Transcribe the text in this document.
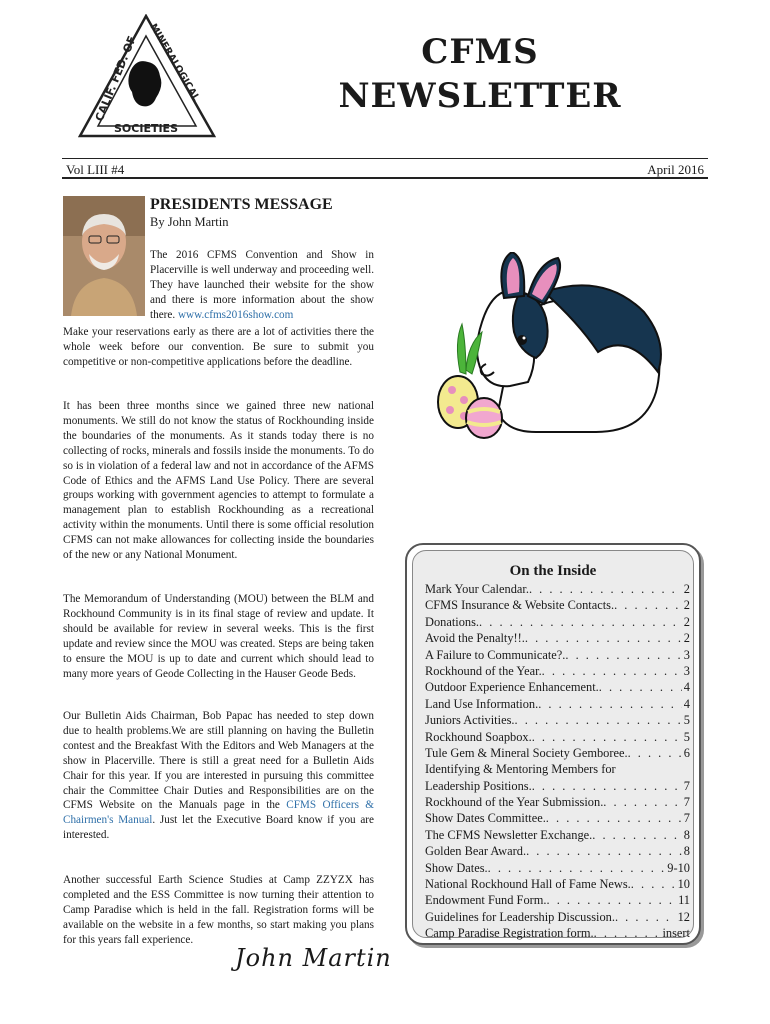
CALIF. FED. OF
MINERALOGICAL
SOCIETIES
CFMS
NEWSLETTER
Vol LIII #4	April 2016
PRESIDENTS MESSAGE
By John Martin
The 2016 CFMS Convention and Show in Placerville is well underway and proceeding well. They have launched their website for the show and there is more information about the show there. www.cfms2016show.com
Make your reservations early as there are a lot of activities there the whole week before our convention. Be sure to submit you competitive or non-competitive applications before the deadline.
It has been three months since we gained three new national monuments. We still do not know the status of Rockhounding inside the boundaries of the monuments. As it stands today there is no collecting of rocks, minerals and fossils inside the monuments. To do so is in violation of a federal law and not in accordance of the AFMS Code of Ethics and the AFMS Land Use Policy. There are several groups working with government agencies to attempt to formulate a management plan to establish Rockhounding as a recreational activity within the monuments. Until there is some official resolution CFMS can not make allowances for collecting inside the boundaries of the new or any National Monument.
The Memorandum of Understanding (MOU) between the BLM and Rockhound Community is in its final stage of review and update. It should be available for review in several weeks. This is the first update and review since the MOU was created. Steps are being taken to ensure the MOU is up to date and current which should lead to many more years of Geode Collecting in the Hauser Geode Beds.
Our Bulletin Aids Chairman, Bob Papac has needed to step down due to health problems.We are still planning on having the Bulletin contest and the Breakfast With the Editors and Web Managers at the show in Placerville. There is still a great need for a Bulletin Aids Chair for this year. If you are interested in pursuing this committee chair the Committee Chair Duties and Responsibilities are on the CFMS Website on the Manuals page in the CFMS Officers & Chairmen's Manual. Just let the Executive Board know if you are interested.
Another successful Earth Science Studies at Camp ZZYZX has completed and the ESS Committee is now turning their attention to Camp Paradise which is held in the fall. Registration forms will be available on the website in a few months, so start making you plans for this years fall experience.
John Martin
On the Inside
Mark Your Calendar. . . .	2
CFMS Insurance & Website Contacts. . . .	2
Donations. . . .	2
Avoid the Penalty!!. . . .	2
A Failure to Communicate?. . . .	3
Rockhound of the Year. . . .	3
Outdoor Experience Enhancement. . . .	4
Land Use Information. . . .	4
Juniors Activities. . . .	5
Rockhound Soapbox. . . .	5
Tule Gem & Mineral Society Gemboree. . . .	6
Identifying & Mentoring Members for
Leadership Positions. . . .	7
Rockhound of the Year Submission. . . .	7
Show Dates Committee. . . .	7
The CFMS Newsletter Exchange. . . .	8
Golden Bear Award. . . .	8
Show Dates. . . .	9-10
National Rockhound Hall of Fame News. . . .	10
Endowment Fund Form. . . .	11
Guidelines for Leadership Discussion. . . .	12
Camp Paradise Registration form. . . .	insert
